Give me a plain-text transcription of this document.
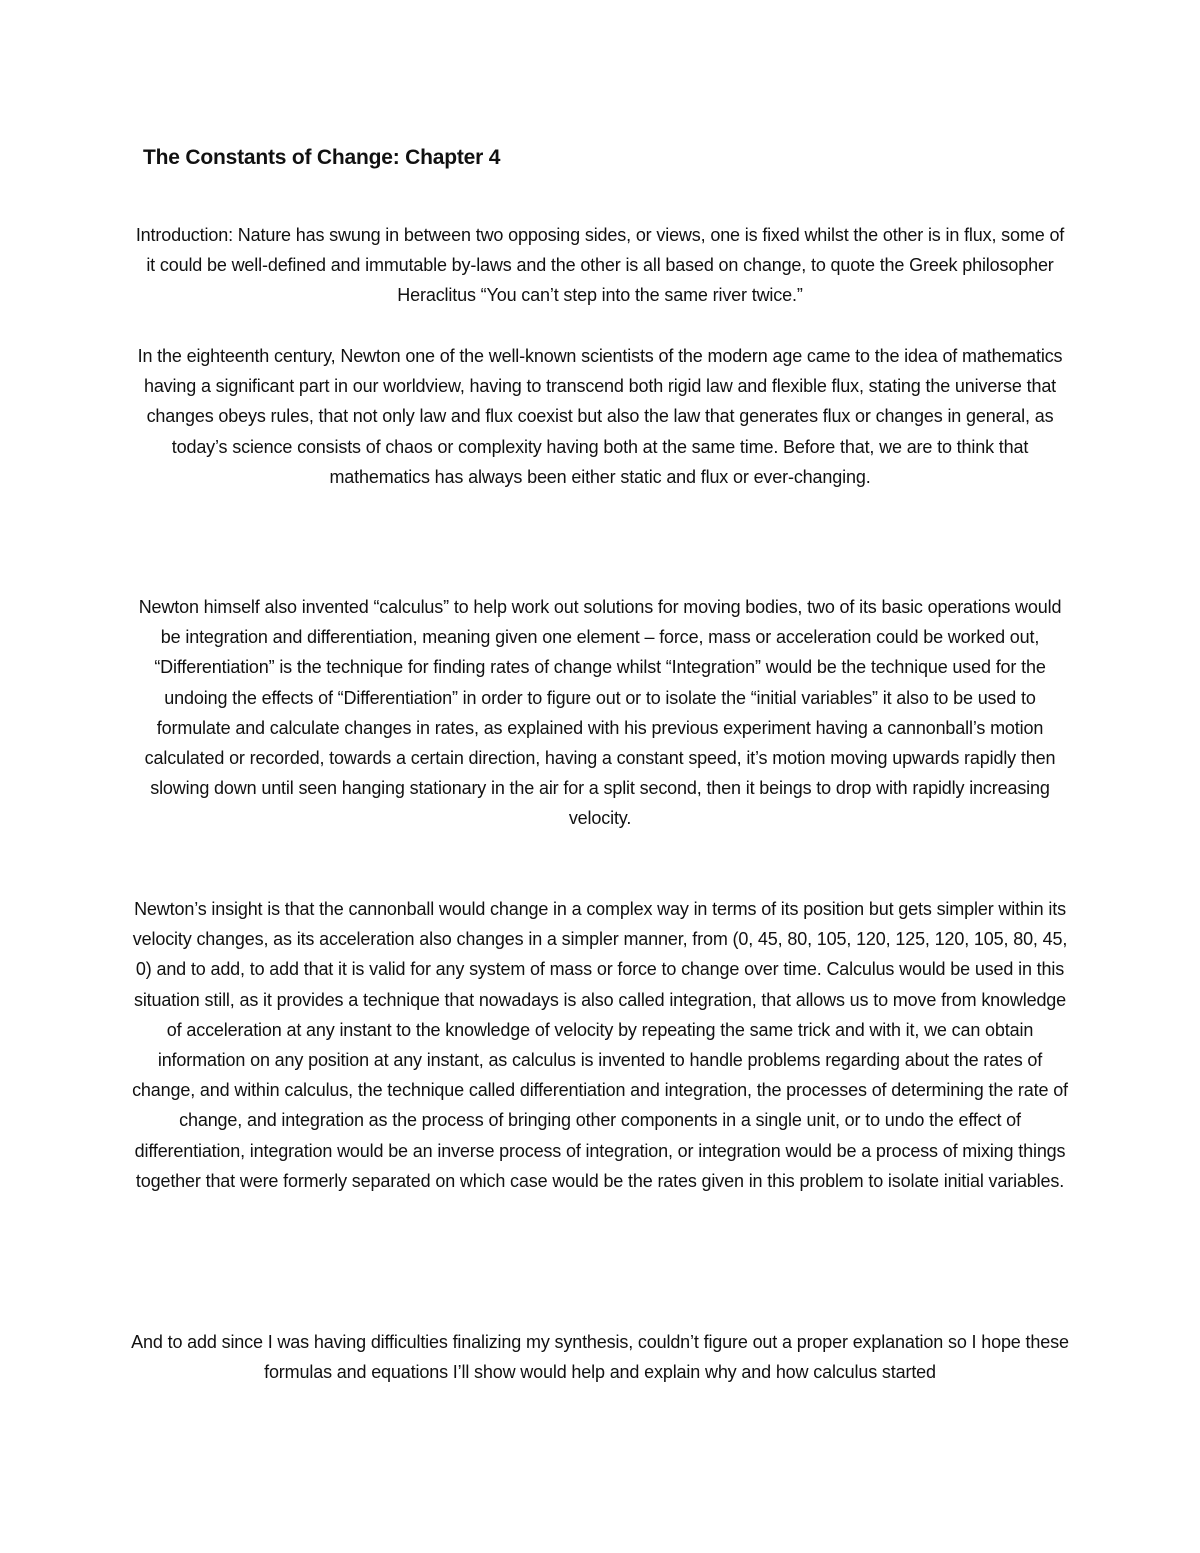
The Constants of Change: Chapter 4

Introduction: Nature has swung in between two opposing sides, or views, one is fixed whilst the other is in flux, some of it could be well-defined and immutable by-laws and the other is all based on change, to quote the Greek philosopher Heraclitus “You can’t step into the same river twice.”

In the eighteenth century, Newton one of the well-known scientists of the modern age came to the idea of mathematics having a significant part in our worldview, having to transcend both rigid law and flexible flux, stating the universe that changes obeys rules, that not only law and flux coexist but also the law that generates flux or changes in general, as today’s science consists of chaos or complexity having both at the same time. Before that, we are to think that mathematics has always been either static and flux or ever-changing.

Newton himself also invented “calculus” to help work out solutions for moving bodies, two of its basic operations would be integration and differentiation, meaning given one element – force, mass or acceleration could be worked out, “Differentiation” is the technique for finding rates of change whilst “Integration” would be the technique used for the undoing the effects of “Differentiation” in order to figure out or to isolate the “initial variables” it also to be used to formulate and calculate changes in rates, as explained with his previous experiment having a cannonball’s motion calculated or recorded, towards a certain direction, having a constant speed, it’s motion moving upwards rapidly then slowing down until seen hanging stationary in the air for a split second, then it beings to drop with rapidly increasing velocity.

Newton’s insight is that the cannonball would change in a complex way in terms of its position but gets simpler within its velocity changes, as its acceleration also changes in a simpler manner, from (0, 45, 80, 105, 120, 125, 120, 105, 80, 45, 0) and to add, to add that it is valid for any system of mass or force to change over time. Calculus would be used in this situation still, as it provides a technique that nowadays is also called integration, that allows us to move from knowledge of acceleration at any instant to the knowledge of velocity by repeating the same trick and with it, we can obtain information on any position at any instant, as calculus is invented to handle problems regarding about the rates of change, and within calculus, the technique called differentiation and integration, the processes of determining the rate of change, and integration as the process of bringing other components in a single unit, or to undo the effect of differentiation, integration would be an inverse process of integration, or integration would be a process of mixing things together that were formerly separated on which case would be the rates given in this problem to isolate initial variables.

And to add since I was having difficulties finalizing my synthesis, couldn’t figure out a proper explanation so I hope these formulas and equations I’ll show would help and explain why and how calculus started
